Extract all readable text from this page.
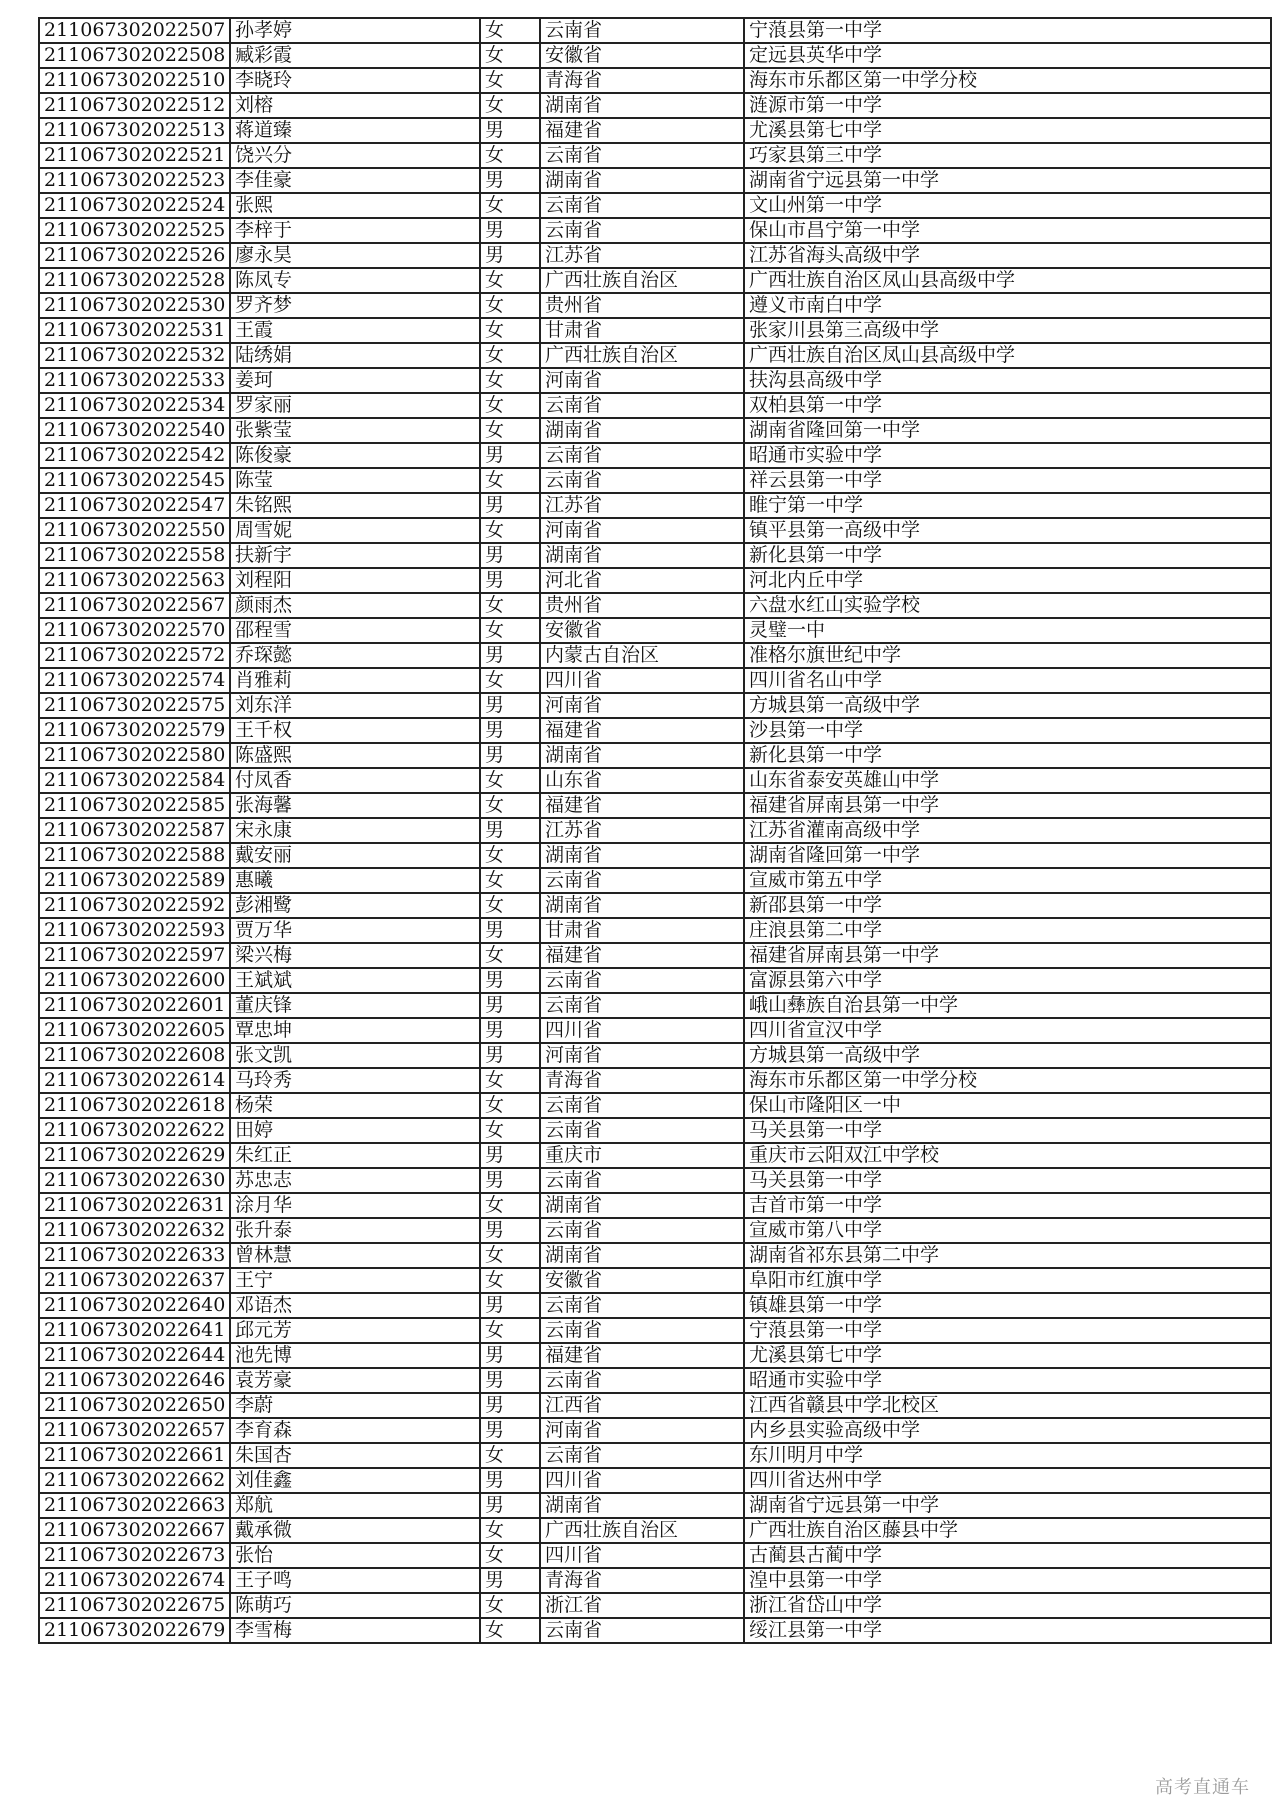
211067302022507	孙孝婷	女	云南省	宁蒗县第一中学
211067302022508	臧彩霞	女	安徽省	定远县英华中学
211067302022510	李晓玲	女	青海省	海东市乐都区第一中学分校
211067302022512	刘榕	女	湖南省	涟源市第一中学
211067302022513	蒋道臻	男	福建省	尤溪县第七中学
211067302022521	饶兴分	女	云南省	巧家县第三中学
211067302022523	李佳豪	男	湖南省	湖南省宁远县第一中学
211067302022524	张熙	女	云南省	文山州第一中学
211067302022525	李梓于	男	云南省	保山市昌宁第一中学
211067302022526	廖永昊	男	江苏省	江苏省海头高级中学
211067302022528	陈凤专	女	广西壮族自治区	广西壮族自治区凤山县高级中学
211067302022530	罗齐梦	女	贵州省	遵义市南白中学
211067302022531	王霞	女	甘肃省	张家川县第三高级中学
211067302022532	陆绣娟	女	广西壮族自治区	广西壮族自治区凤山县高级中学
211067302022533	姜珂	女	河南省	扶沟县高级中学
211067302022534	罗家丽	女	云南省	双柏县第一中学
211067302022540	张紫莹	女	湖南省	湖南省隆回第一中学
211067302022542	陈俊豪	男	云南省	昭通市实验中学
211067302022545	陈莹	女	云南省	祥云县第一中学
211067302022547	朱铭熙	男	江苏省	睢宁第一中学
211067302022550	周雪妮	女	河南省	镇平县第一高级中学
211067302022558	扶新宇	男	湖南省	新化县第一中学
211067302022563	刘程阳	男	河北省	河北内丘中学
211067302022567	颜雨杰	女	贵州省	六盘水红山实验学校
211067302022570	邵程雪	女	安徽省	灵璧一中
211067302022572	乔琛懿	男	内蒙古自治区	准格尔旗世纪中学
211067302022574	肖雅莉	女	四川省	四川省名山中学
211067302022575	刘东洋	男	河南省	方城县第一高级中学
211067302022579	王千权	男	福建省	沙县第一中学
211067302022580	陈盛熙	男	湖南省	新化县第一中学
211067302022584	付凤香	女	山东省	山东省泰安英雄山中学
211067302022585	张海馨	女	福建省	福建省屏南县第一中学
211067302022587	宋永康	男	江苏省	江苏省灌南高级中学
211067302022588	戴安丽	女	湖南省	湖南省隆回第一中学
211067302022589	惠曦	女	云南省	宣威市第五中学
211067302022592	彭湘鹭	女	湖南省	新邵县第一中学
211067302022593	贾万华	男	甘肃省	庄浪县第二中学
211067302022597	梁兴梅	女	福建省	福建省屏南县第一中学
211067302022600	王斌斌	男	云南省	富源县第六中学
211067302022601	董庆锋	男	云南省	峨山彝族自治县第一中学
211067302022605	覃忠坤	男	四川省	四川省宣汉中学
211067302022608	张文凯	男	河南省	方城县第一高级中学
211067302022614	马玲秀	女	青海省	海东市乐都区第一中学分校
211067302022618	杨荣	女	云南省	保山市隆阳区一中
211067302022622	田婷	女	云南省	马关县第一中学
211067302022629	朱红正	男	重庆市	重庆市云阳双江中学校
211067302022630	苏忠志	男	云南省	马关县第一中学
211067302022631	涂月华	女	湖南省	吉首市第一中学
211067302022632	张升泰	男	云南省	宣威市第八中学
211067302022633	曾林慧	女	湖南省	湖南省祁东县第二中学
211067302022637	王宁	女	安徽省	阜阳市红旗中学
211067302022640	邓语杰	男	云南省	镇雄县第一中学
211067302022641	邱元芳	女	云南省	宁蒗县第一中学
211067302022644	池先博	男	福建省	尤溪县第七中学
211067302022646	袁芳豪	男	云南省	昭通市实验中学
211067302022650	李蔚	男	江西省	江西省赣县中学北校区
211067302022657	李育森	男	河南省	内乡县实验高级中学
211067302022661	朱国杏	女	云南省	东川明月中学
211067302022662	刘佳鑫	男	四川省	四川省达州中学
211067302022663	郑航	男	湖南省	湖南省宁远县第一中学
211067302022667	戴承微	女	广西壮族自治区	广西壮族自治区藤县中学
211067302022673	张怡	女	四川省	古蔺县古蔺中学
211067302022674	王子鸣	男	青海省	湟中县第一中学
211067302022675	陈萌巧	女	浙江省	浙江省岱山中学
211067302022679	李雪梅	女	云南省	绥江县第一中学
高考直通车
